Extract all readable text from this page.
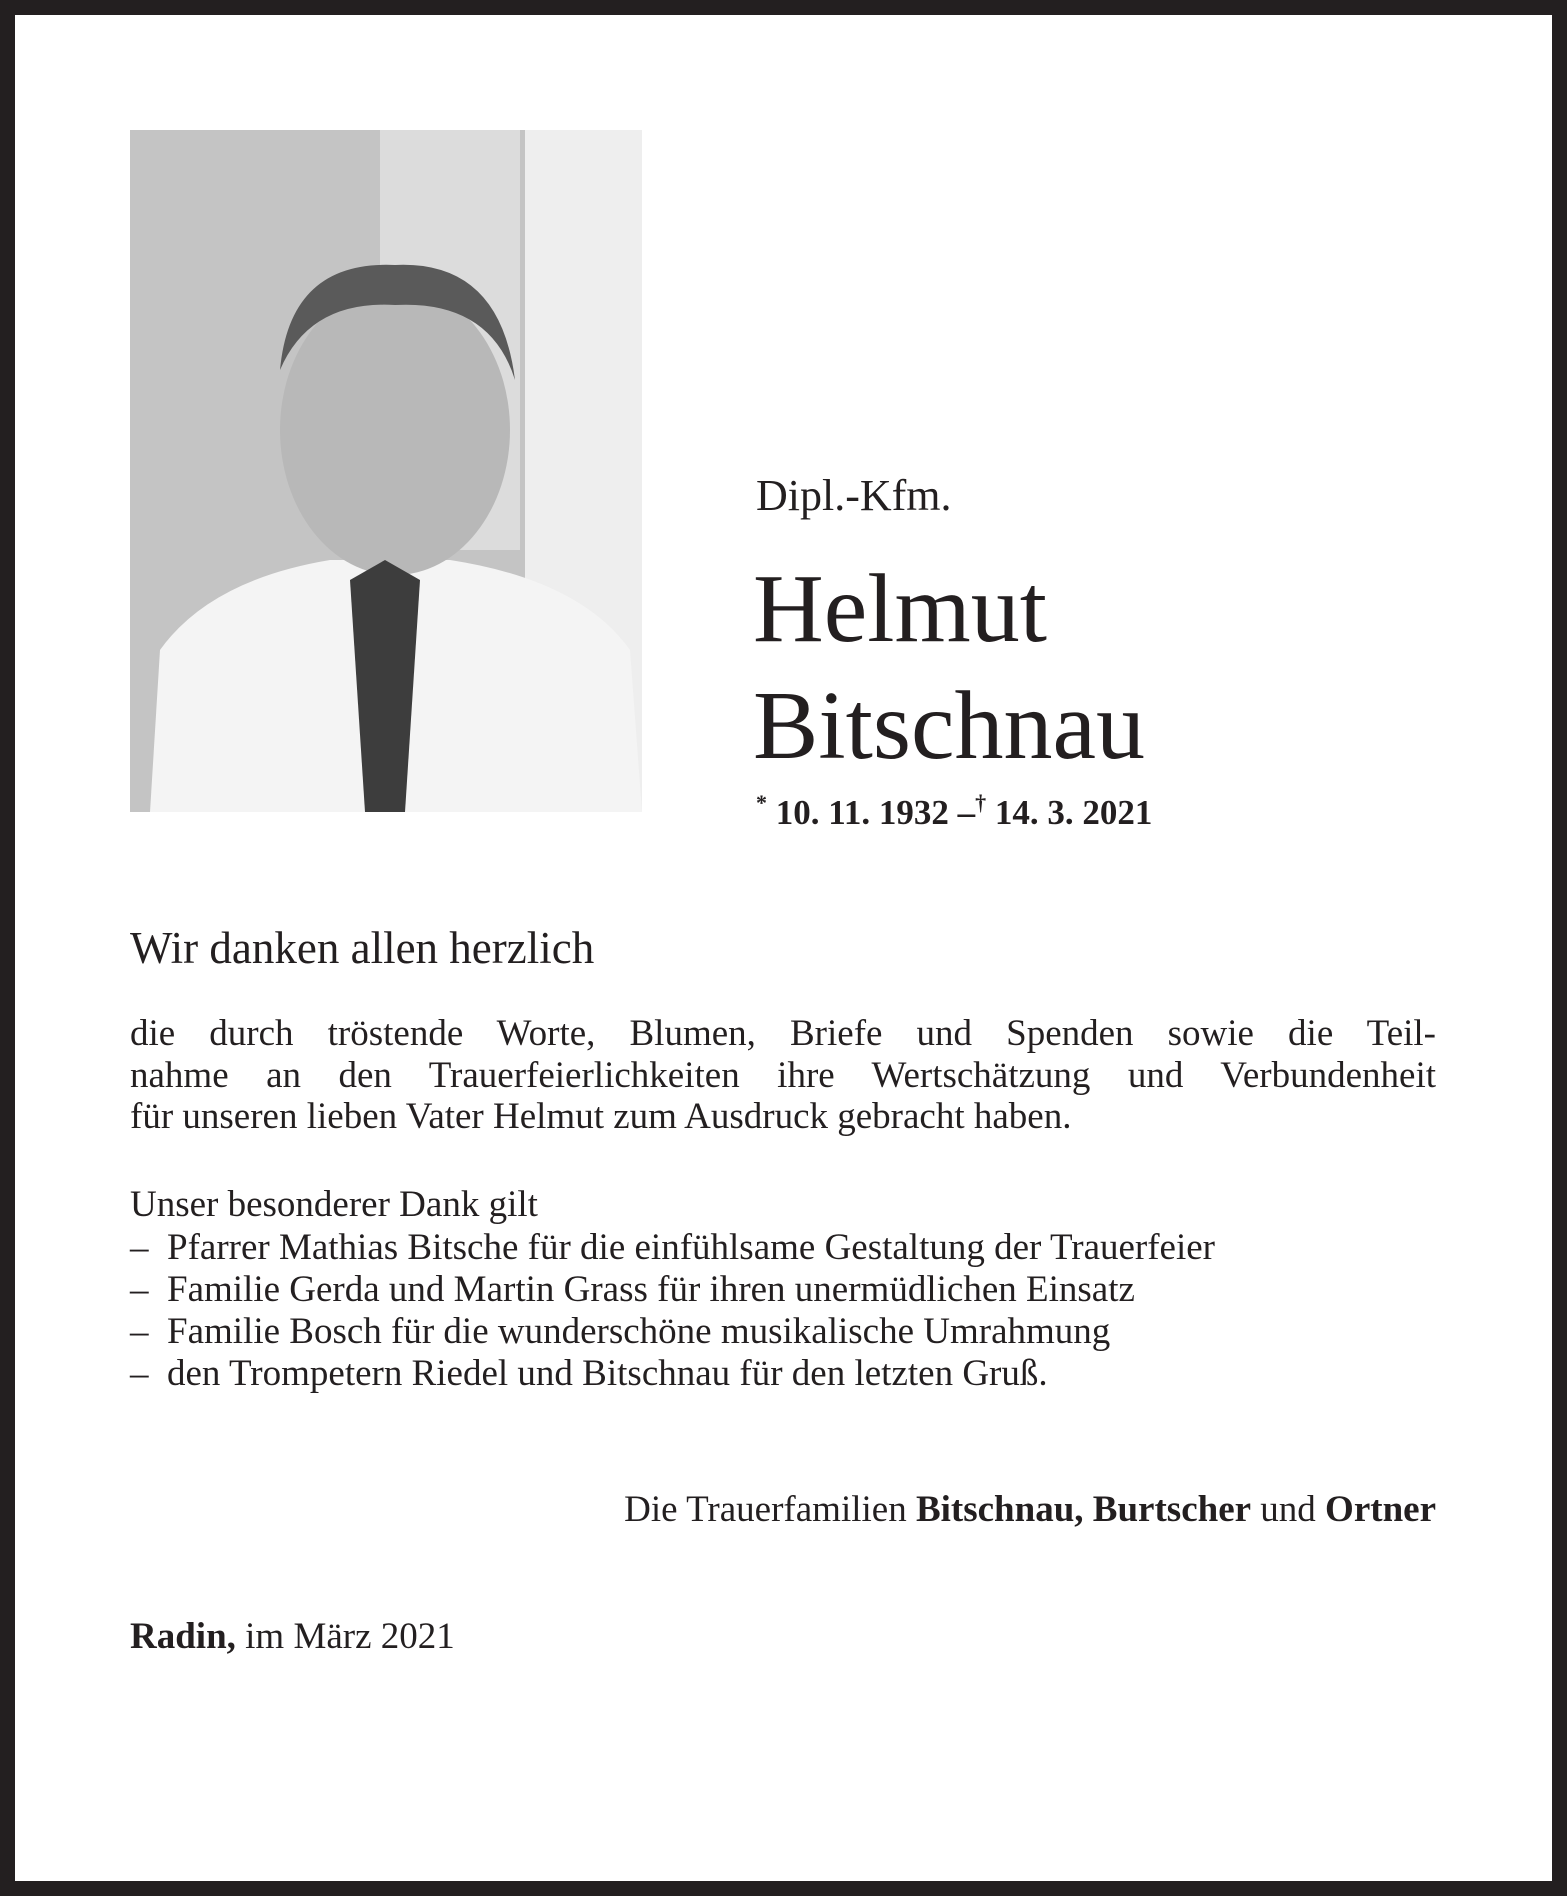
Dipl.-Kfm.
Helmut
Bitschnau
* 10. 11. 1932 –† 14. 3. 2021
Wir danken allen herzlich
die durch tröstende Worte, Blumen, Briefe und Spenden sowie die Teil-
nahme an den Trauerfeierlichkeiten ihre Wertschätzung und Verbundenheit
für unseren lieben Vater Helmut zum Ausdruck gebracht haben.
Unser besonderer Dank gilt
– Pfarrer Mathias Bitsche für die einfühlsame Gestaltung der Trauerfeier
– Familie Gerda und Martin Grass für ihren unermüdlichen Einsatz
– Familie Bosch für die wunderschöne musikalische Umrahmung
– den Trompetern Riedel und Bitschnau für den letzten Gruß.
Die Trauerfamilien Bitschnau, Burtscher und Ortner
Radin, im März 2021
